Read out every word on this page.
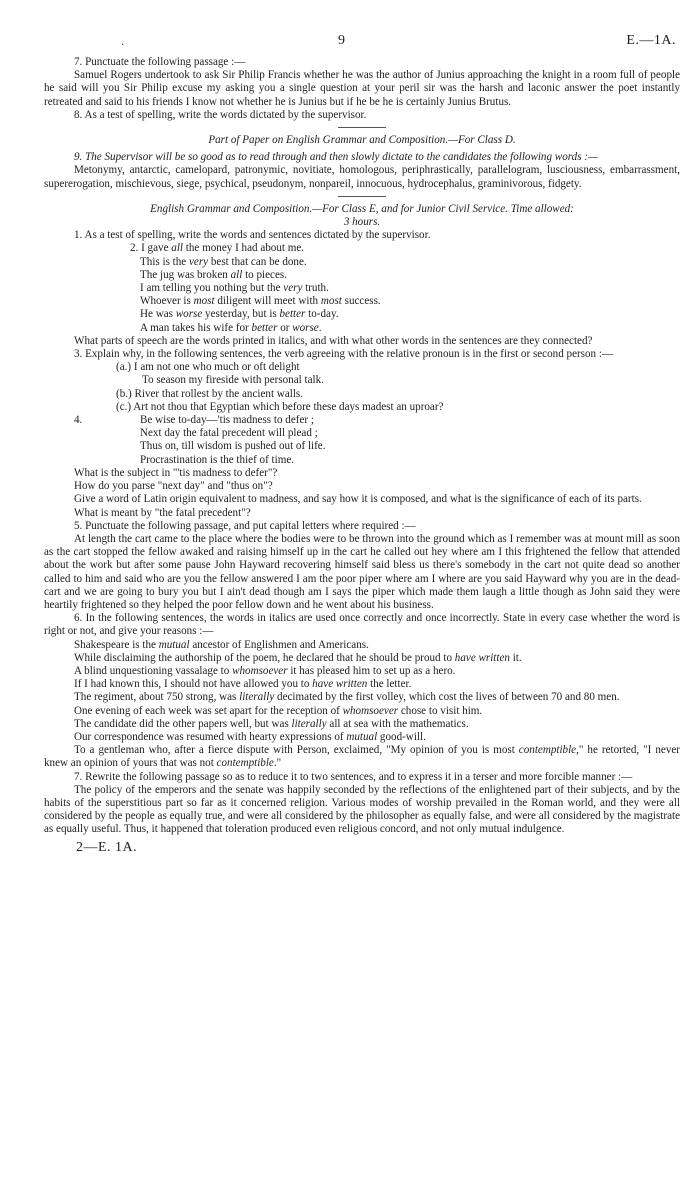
·	9	E.—1A.

7. Punctuate the following passage :—

Samuel Rogers undertook to ask Sir Philip Francis whether he was the author of Junius approaching the knight in a room full of people he said will you Sir Philip excuse my asking you a single question at your peril sir was the harsh and laconic answer the poet instantly retreated and said to his friends I know not whether he is Junius but if he be he is certainly Junius Brutus.

8. As a test of spelling, write the words dictated by the supervisor.

Part of Paper on English Grammar and Composition.—For Class D.

9. The Supervisor will be so good as to read through and then slowly dictate to the candidates the following words :—

Metonymy, antarctic, camelopard, patronymic, novitiate, homologous, periphrastically, parallelogram, lusciousness, embarrassment, supererogation, mischievous, siege, psychical, pseudonym, nonpareil, innocuous, hydrocephalus, graminivorous, fidgety.

English Grammar and Composition.—For Class E, and for Junior Civil Service. Time allowed:

3 hours.

1. As a test of spelling, write the words and sentences dictated by the supervisor.

2. I gave all the money I had about me.

This is the very best that can be done.

The jug was broken all to pieces.

I am telling you nothing but the very truth.

Whoever is most diligent will meet with most success.

He was worse yesterday, but is better to-day.

A man takes his wife for better or worse.

What parts of speech are the words printed in italics, and with what other words in the sentences are they connected?

3. Explain why, in the following sentences, the verb agreeing with the relative pronoun is in the first or second person :—

(a.) I am not one who much or oft delight

To season my fireside with personal talk.

(b.) River that rollest by the ancient walls.

(c.) Art not thou that Egyptian which before these days madest an uproar?

4.	Be wise to-day—'tis madness to defer ;

Next day the fatal precedent will plead ;

Thus on, till wisdom is pushed out of life.

Procrastination is the thief of time.

What is the subject in "'tis madness to defer"?

How do you parse "next day" and "thus on"?

Give a word of Latin origin equivalent to madness, and say how it is composed, and what is the significance of each of its parts.

What is meant by "the fatal precedent"?

5. Punctuate the following passage, and put capital letters where required :—

At length the cart came to the place where the bodies were to be thrown into the ground which as I remember was at mount mill as soon as the cart stopped the fellow awaked and raising himself up in the cart he called out hey where am I this frightened the fellow that attended about the work but after some pause John Hayward recovering himself said bless us there's somebody in the cart not quite dead so another called to him and said who are you the fellow answered I am the poor piper where am I where are you said Hayward why you are in the dead-cart and we are going to bury you but I ain't dead though am I says the piper which made them laugh a little though as John said they were heartily frightened so they helped the poor fellow down and he went about his business.

6. In the following sentences, the words in italics are used once correctly and once incorrectly. State in every case whether the word is right or not, and give your reasons :—

Shakespeare is the mutual ancestor of Englishmen and Americans.

While disclaiming the authorship of the poem, he declared that he should be proud to have written it.

A blind unquestioning vassalage to whomsoever it has pleased him to set up as a hero.

If I had known this, I should not have allowed you to have written the letter.

The regiment, about 750 strong, was literally decimated by the first volley, which cost the lives of between 70 and 80 men.

One evening of each week was set apart for the reception of whomsoever chose to visit him.

The candidate did the other papers well, but was literally all at sea with the mathematics.

Our correspondence was resumed with hearty expressions of mutual good-will.

To a gentleman who, after a fierce dispute with Person, exclaimed, "My opinion of you is most contemptible," he retorted, "I never knew an opinion of yours that was not contemptible."

7. Rewrite the following passage so as to reduce it to two sentences, and to express it in a terser and more forcible manner :—

The policy of the emperors and the senate was happily seconded by the reflections of the enlightened part of their subjects, and by the habits of the superstitious part so far as it concerned religion. Various modes of worship prevailed in the Roman world, and they were all considered by the people as equally true, and were all considered by the philosopher as equally false, and were all considered by the magistrate as equally useful. Thus, it happened that toleration produced even religious concord, and not only mutual indulgence.

2—E. 1A.
